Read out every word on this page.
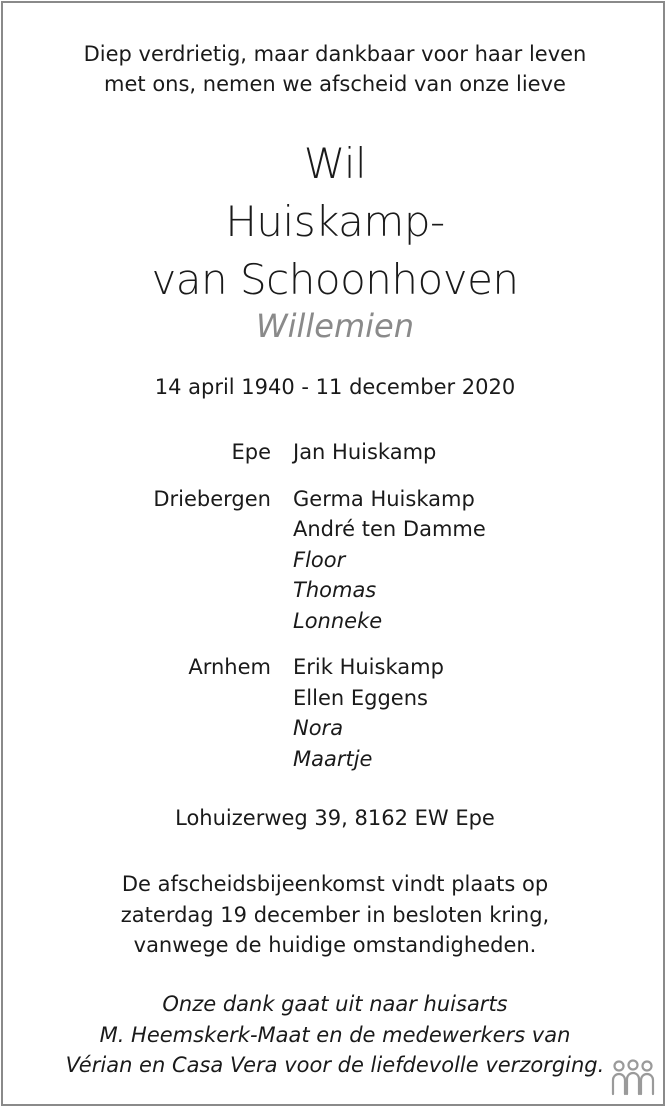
Diep verdrietig, maar dankbaar voor haar leven
met ons, nemen we afscheid van onze lieve
Wil
Huiskamp-
van Schoonhoven
Willemien
14 april 1940 - 11 december 2020
Epe	Jan Huiskamp
Driebergen	Germa Huiskamp
André ten Damme
Floor
Thomas
Lonneke
Arnhem	Erik Huiskamp
Ellen Eggens
Nora
Maartje
Lohuizerweg 39, 8162 EW Epe
De afscheidsbijeenkomst vindt plaats op
zaterdag 19 december in besloten kring,
vanwege de huidige omstandigheden.
Onze dank gaat uit naar huisarts
M. Heemskerk-Maat en de medewerkers van
Vérian en Casa Vera voor de liefdevolle verzorging.
